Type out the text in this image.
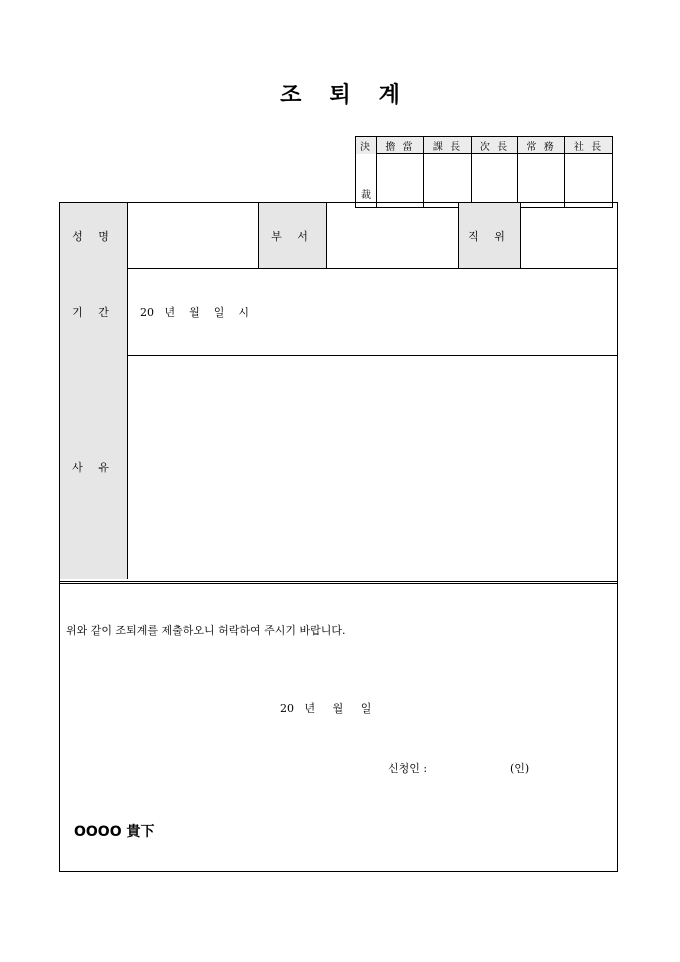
조 퇴 계
決	擔 當	課 長	次 長	常 務	社 長
裁					
성 명	부 서	직 위
기 간	20   년    월    일    시
사 유
위와 같이 조퇴계를 제출하오니 허락하여 주시기 바랍니다.
20   년     월     일
신청인 :	(인)
OOOO 貴下
